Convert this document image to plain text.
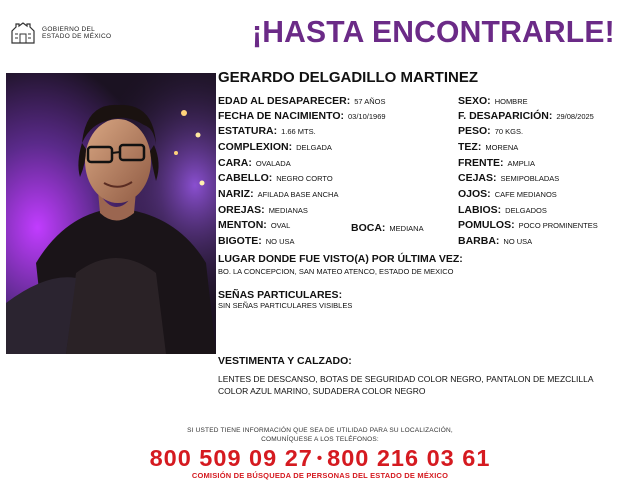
GOBIERNO DEL
ESTADO DE MÉXICO	¡HASTA ENCONTRARLE!
GERARDO DELGADILLO MARTINEZ
EDAD AL DESAPARECER: 57 AÑOS	SEXO: HOMBRE
FECHA DE NACIMIENTO: 03/10/1969	F. DESAPARICIÓN: 29/08/2025
ESTATURA: 1.66 MTS.	PESO: 70 KGS.
COMPLEXION: DELGADA	TEZ: MORENA
CARA: OVALADA	FRENTE: AMPLIA
CABELLO: NEGRO CORTO	CEJAS: SEMIPOBLADAS
NARIZ: AFILADA BASE ANCHA	OJOS: CAFE MEDIANOS
OREJAS: MEDIANAS	LABIOS: DELGADOS
MENTON: OVAL	BOCA: MEDIANA	POMULOS: POCO PROMINENTES
BIGOTE: NO USA	BARBA: NO USA
LUGAR DONDE FUE VISTO(A) POR ÚLTIMA VEZ:
BO. LA CONCEPCION, SAN MATEO ATENCO, ESTADO DE MEXICO
SEÑAS PARTICULARES:
SIN SEÑAS PARTICULARES VISIBLES
VESTIMENTA Y CALZADO:
LENTES DE DESCANSO, BOTAS DE SEGURIDAD COLOR NEGRO, PANTALON DE MEZCLILLA COLOR AZUL MARINO, SUDADERA COLOR NEGRO
SI USTED TIENE INFORMACIÓN QUE SEA DE UTILIDAD PARA SU LOCALIZACIÓN,
COMUNÍQUESE A LOS TELÉFONOS:
800 509 09 27 • 800 216 03 61
COMISIÓN DE BÚSQUEDA DE PERSONAS DEL ESTADO DE MÉXICO
